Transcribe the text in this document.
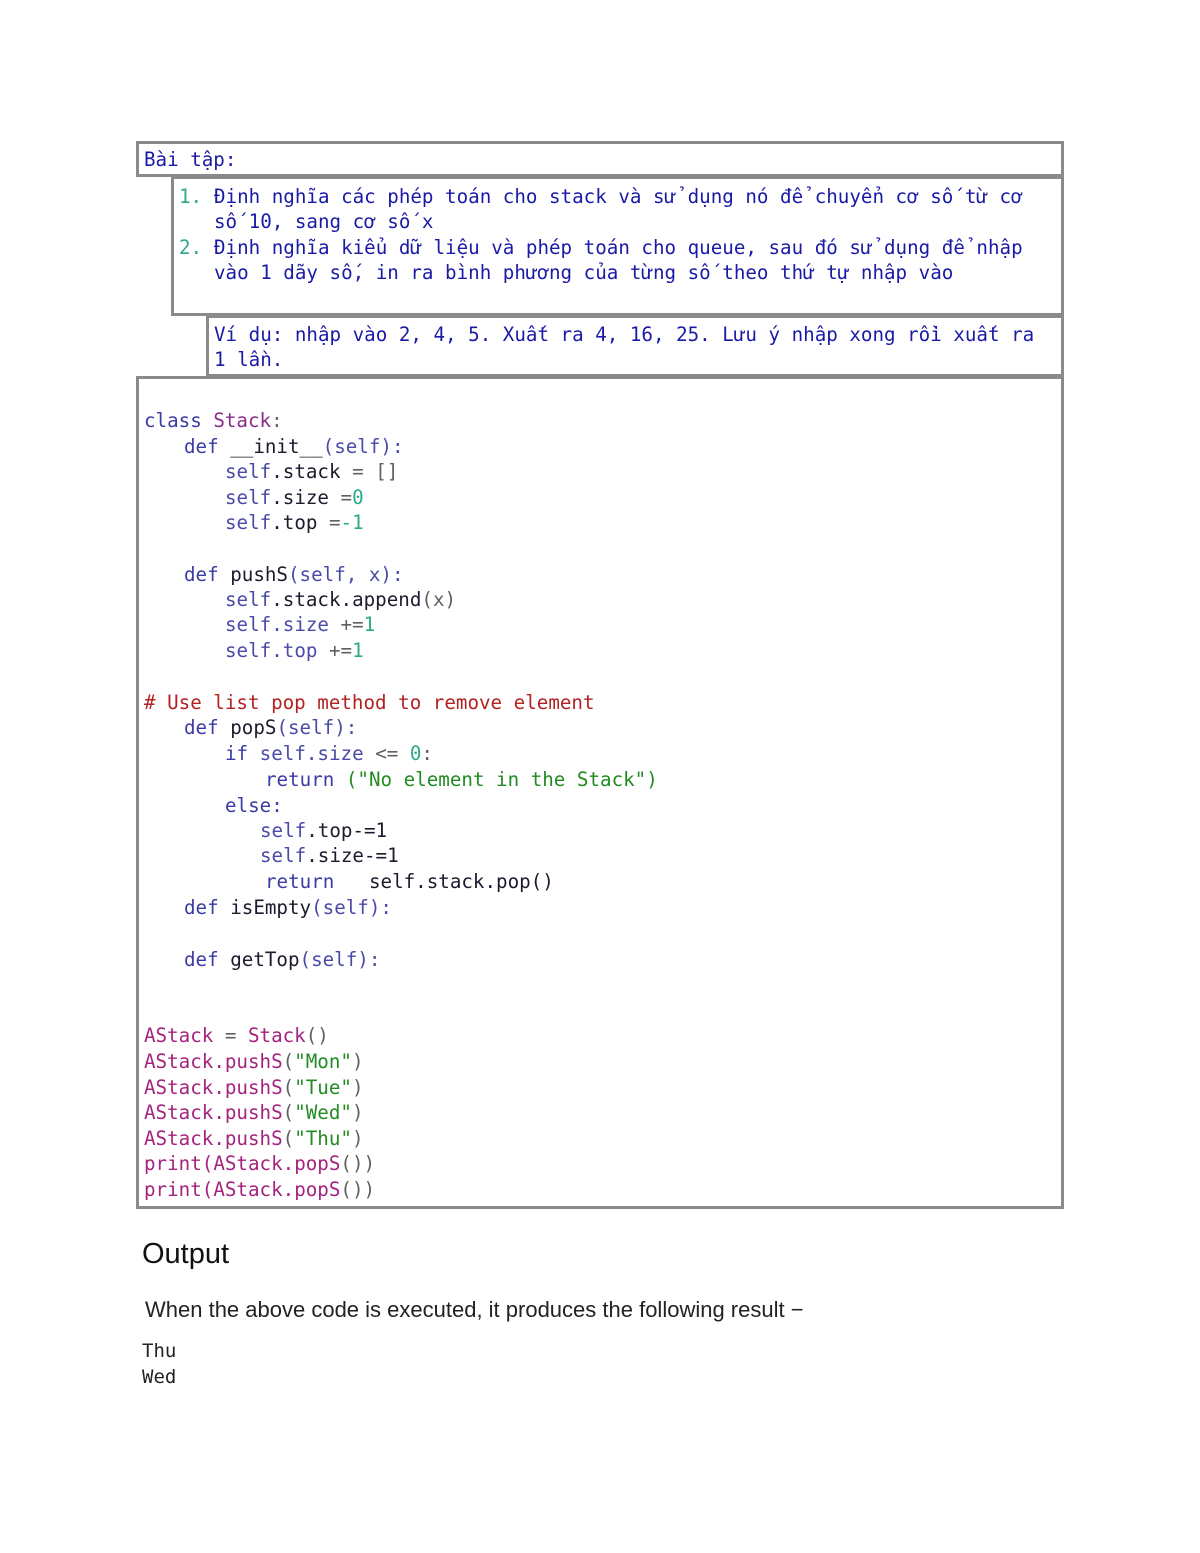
Bài tập:
1. Định nghĩa các phép toán cho stack và sử dụng nó để chuyển cơ số từ cơ số 10, sang cơ số x
2. Định nghĩa kiểu dữ liệu và phép toán cho queue, sau đó sử dụng để nhập vào 1 dãy số, in ra bình phương của từng số theo thứ tự nhập vào
Ví dụ: nhập vào 2, 4, 5. Xuất ra 4, 16, 25. Lưu ý nhập xong rồi xuất ra 1 lần.
class Stack:
def __init__(self):
self.stack = []
self.size =0
self.top =-1
def pushS(self, x):
self.stack.append(x)
self.size +=1
self.top +=1
# Use list pop method to remove element
def popS(self):
if self.size <= 0:
return ("No element in the Stack")
else:
self.top-=1
self.size-=1
return self.stack.pop()
def isEmpty(self):
def getTop(self):
AStack = Stack()
AStack.pushS("Mon")
AStack.pushS("Tue")
AStack.pushS("Wed")
AStack.pushS("Thu")
print(AStack.popS())
print(AStack.popS())
Output

When the above code is executed, it produces the following result −

Thu
Wed
